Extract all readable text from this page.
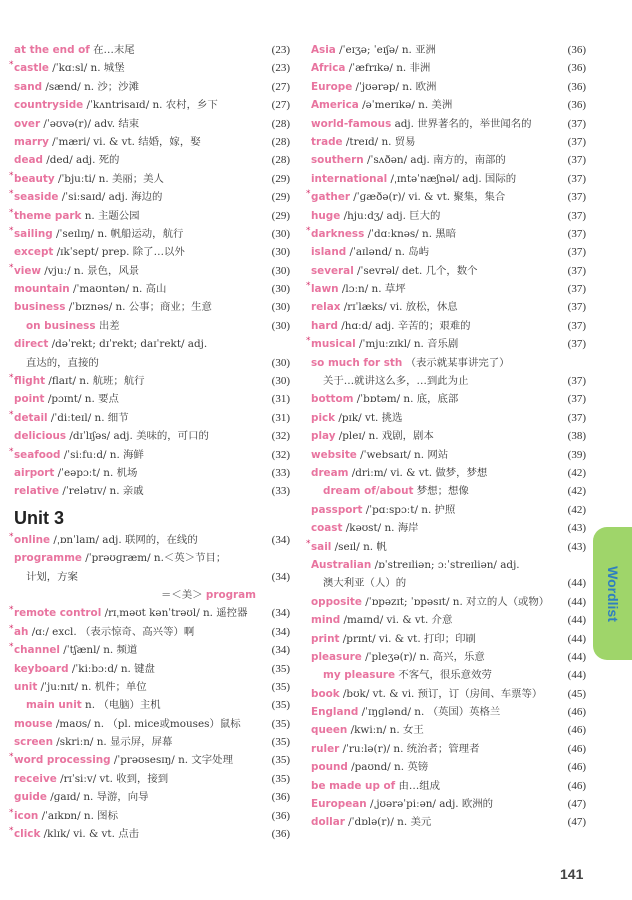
at the end of 在…末尾	(23)
* castle /ˈkɑːsl/ n. 城堡	(23)
sand /sænd/ n. 沙；沙滩	(27)
countryside /ˈkʌntrisaɪd/ n. 农村，乡下	(27)
over /ˈəʊvə(r)/ adv. 结束	(28)
marry /ˈmæri/ vi. & vt. 结婚，嫁，娶	(28)
dead /ded/ adj. 死的	(28)
* beauty /ˈbjuːti/ n. 美丽；美人	(29)
* seaside /ˈsiːsaɪd/ adj. 海边的	(29)
* theme park n. 主题公园	(29)
* sailing /ˈseɪlɪŋ/ n. 帆船运动，航行	(30)
except /ɪkˈsept/ prep. 除了…以外	(30)
* view /vjuː/ n. 景色，风景	(30)
mountain /ˈmaʊntən/ n. 高山	(30)
business /ˈbɪznəs/ n. 公事；商业；生意	(30)
on business 出差	(30)
direct /dəˈrekt; dɪˈrekt; daɪˈrekt/ adj.
直达的，直接的	(30)
* flight /flaɪt/ n. 航班；航行	(30)
point /pɔɪnt/ n. 要点	(31)
* detail /ˈdiːteɪl/ n. 细节	(31)
delicious /dɪˈlɪʃəs/ adj. 美味的，可口的	(32)
* seafood /ˈsiːfuːd/ n. 海鲜	(32)
airport /ˈeəpɔːt/ n. 机场	(33)
relative /ˈrelətɪv/ n. 亲戚	(33)
Unit 3
* online /ˌɒnˈlaɪn/ adj. 联网的，在线的	(34)
programme /ˈprəʊɡræm/ n.＜英＞节目；
计划，方案	(34)
＝＜美＞ program
* remote control /rɪˌməʊt kənˈtrəʊl/ n. 遥控器 (34)
* ah /ɑː/ excl. （表示惊奇、高兴等）啊	(34)
* channel /ˈtʃænl/ n. 频道	(34)
keyboard /ˈkiːbɔːd/ n. 键盘	(35)
unit /ˈjuːnɪt/ n. 机件；单位	(35)
main unit n. （电脑）主机	(35)
mouse /maʊs/ n. （pl. mice或mouses）鼠标	(35)
screen /skriːn/ n. 显示屏，屏幕	(35)
* word processing /ˈprəʊsesɪŋ/ n. 文字处理	(35)
receive /rɪˈsiːv/ vt. 收到，接到	(35)
guide /ɡaɪd/ n. 导游，向导	(36)
* icon /ˈaɪkɒn/ n. 图标	(36)
* click /klɪk/ vi. & vt. 点击	(36)
Asia /ˈeɪʒə; ˈeɪʃə/ n. 亚洲	(36)
Africa /ˈæfrɪkə/ n. 非洲	(36)
Europe /ˈjʊərəp/ n. 欧洲	(36)
America /əˈmerɪkə/ n. 美洲	(36)
world-famous adj. 世界著名的，举世闻名的	(37)
trade /treɪd/ n. 贸易	(37)
southern /ˈsʌðən/ adj. 南方的，南部的	(37)
international /ˌɪntəˈnæʃnəl/ adj. 国际的	(37)
* gather /ˈɡæðə(r)/ vi. & vt. 聚集，集合	(37)
huge /hjuːdʒ/ adj. 巨大的	(37)
* darkness /ˈdɑːknəs/ n. 黑暗	(37)
island /ˈaɪlənd/ n. 岛屿	(37)
several /ˈsevrəl/ det. 几个，数个	(37)
* lawn /lɔːn/ n. 草坪	(37)
relax /rɪˈlæks/ vi. 放松，休息	(37)
hard /hɑːd/ adj. 辛苦的；艰难的	(37)
* musical /ˈmjuːzɪkl/ n. 音乐剧	(37)
so much for sth （表示就某事讲完了）
关于…就讲这么多，…到此为止	(37)
bottom /ˈbɒtəm/ n. 底，底部	(37)
pick /pɪk/ vt. 挑选	(37)
play /pleɪ/ n. 戏剧，剧本	(38)
website /ˈwebsaɪt/ n. 网站	(39)
dream /driːm/ vi. & vt. 做梦，梦想	(42)
dream of/about 梦想；想像	(42)
passport /ˈpɑːspɔːt/ n. 护照	(42)
coast /kəʊst/ n. 海岸	(43)
* sail /seɪl/ n. 帆	(43)
Australian /ɒˈstreɪliən; ɔːˈstreɪliən/ adj.
澳大利亚（人）的	(44)
opposite /ˈɒpəzɪt; ˈɒpəsɪt/ n. 对立的人（或物） (44)
mind /maɪnd/ vi. & vt. 介意	(44)
print /prɪnt/ vi. & vt. 打印；印刷	(44)
pleasure /ˈpleʒə(r)/ n. 高兴，乐意	(44)
my pleasure 不客气，很乐意效劳	(44)
book /bʊk/ vt. & vi. 预订，订（房间、车票等） (45)
England /ˈɪŋɡlənd/ n. （英国）英格兰	(46)
queen /kwiːn/ n. 女王	(46)
ruler /ˈruːlə(r)/ n. 统治者；管理者	(46)
pound /paʊnd/ n. 英镑	(46)
be made up of 由…组成	(46)
European /ˌjʊərəˈpiːən/ adj. 欧洲的	(47)
dollar /ˈdɒlə(r)/ n. 美元	(47)
Wordlist
141
